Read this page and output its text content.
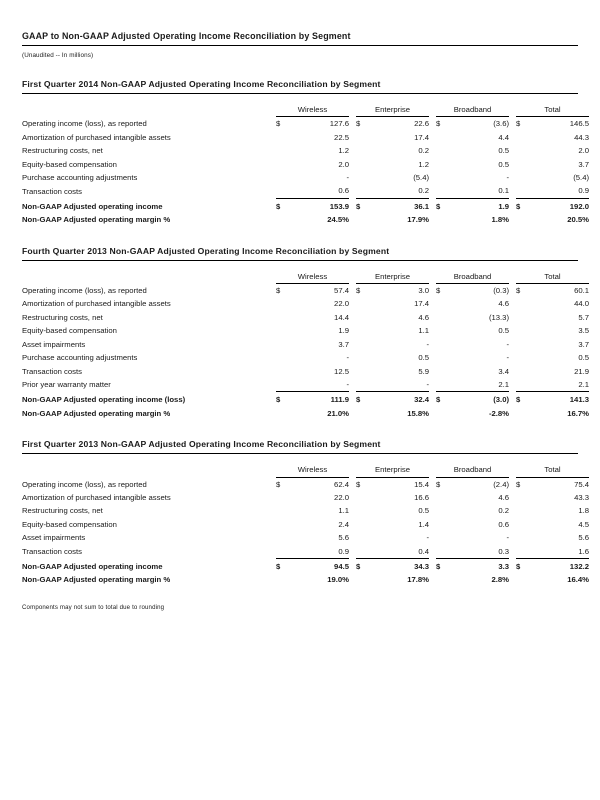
GAAP to Non-GAAP Adjusted Operating Income Reconciliation by Segment
(Unaudited -- In millions)
First Quarter 2014 Non-GAAP Adjusted Operating Income Reconciliation by Segment
	Wireless			Enterprise			Broadband			Total	
Operating income (loss), as reported	$	127.6		$	22.6		$	(3.6)		$	146.5
Amortization of purchased intangible assets		22.5			17.4			4.4			44.3
Restructuring costs, net		1.2			0.2			0.5			2.0
Equity-based compensation		2.0			1.2			0.5			3.7
Purchase accounting adjustments		-			(5.4)			-			(5.4)
Transaction costs		0.6			0.2			0.1			0.9
Non-GAAP Adjusted operating income	$	153.9		$	36.1		$	1.9		$	192.0
Non-GAAP Adjusted operating margin %		24.5%			17.9%			1.8%			20.5%
Fourth Quarter 2013 Non-GAAP Adjusted Operating Income Reconciliation by Segment
	Wireless			Enterprise			Broadband			Total	
Operating income (loss), as reported	$	57.4		$	3.0		$	(0.3)		$	60.1
Amortization of purchased intangible assets		22.0			17.4			4.6			44.0
Restructuring costs, net		14.4			4.6			(13.3)			5.7
Equity-based compensation		1.9			1.1			0.5			3.5
Asset impairments		3.7			-			-			3.7
Purchase accounting adjustments		-			0.5			-			0.5
Transaction costs		12.5			5.9			3.4			21.9
Prior year warranty matter		-			-			2.1			2.1
Non-GAAP Adjusted operating income (loss)	$	111.9		$	32.4		$	(3.0)		$	141.3
Non-GAAP Adjusted operating margin %		21.0%			15.8%			-2.8%			16.7%
First Quarter 2013 Non-GAAP Adjusted Operating Income Reconciliation by Segment
	Wireless			Enterprise			Broadband			Total	
Operating income (loss), as reported	$	62.4		$	15.4		$	(2.4)		$	75.4
Amortization of purchased intangible assets		22.0			16.6			4.6			43.3
Restructuring costs, net		1.1			0.5			0.2			1.8
Equity-based compensation		2.4			1.4			0.6			4.5
Asset impairments		5.6			-			-			5.6
Transaction costs		0.9			0.4			0.3			1.6
Non-GAAP Adjusted operating income	$	94.5		$	34.3		$	3.3		$	132.2
Non-GAAP Adjusted operating margin %		19.0%			17.8%			2.8%			16.4%
Components may not sum to total due to rounding
